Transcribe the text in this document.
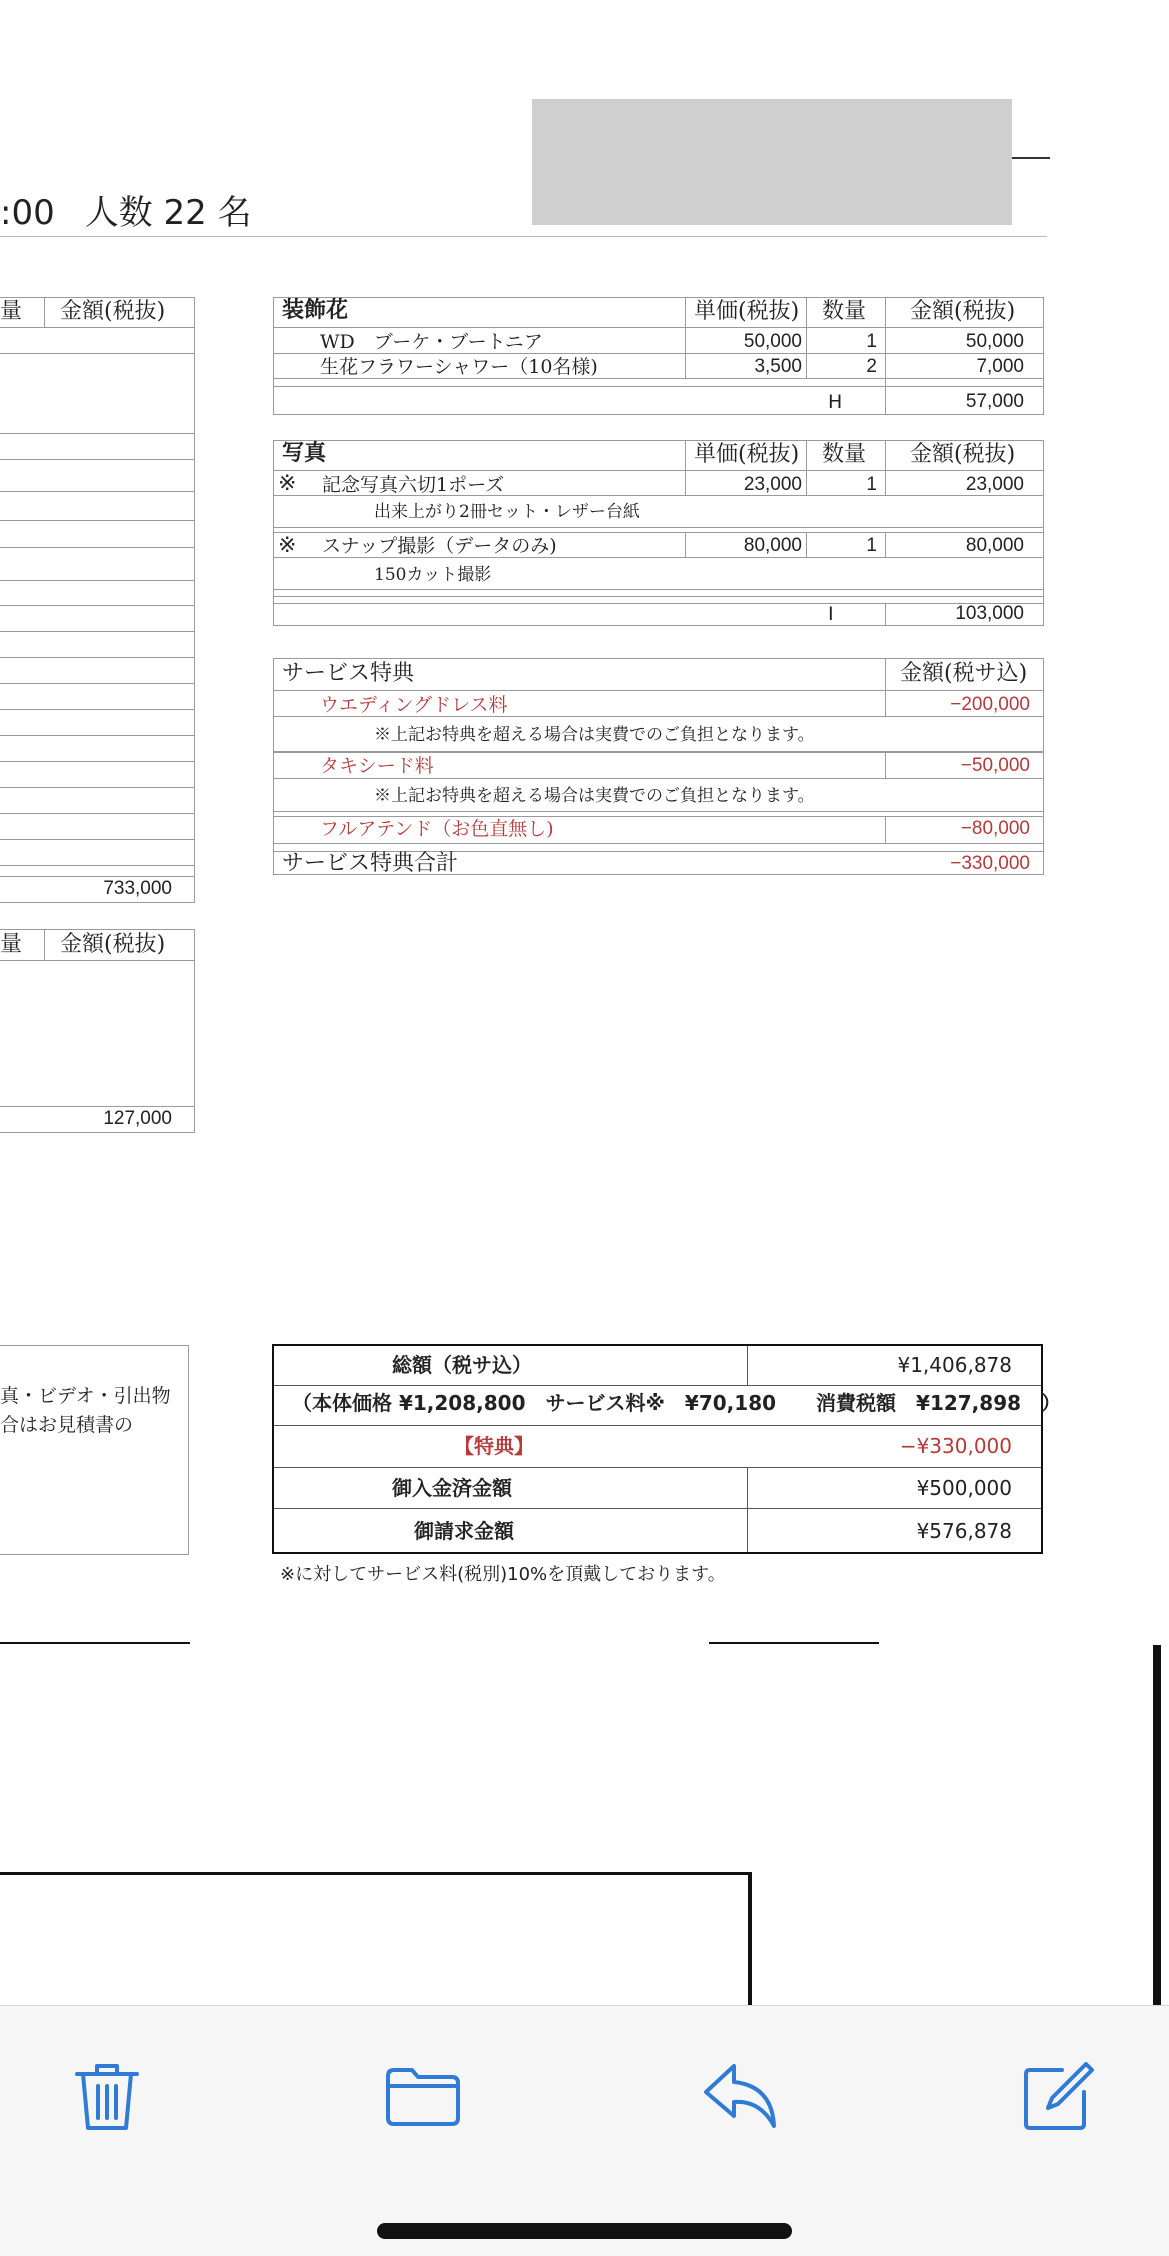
:00 人数 22 名
量 金額(税抜)
733,000
量 金額(税抜)
127,000
装飾花	単価(税抜) 数量 金額(税抜)
WD　ブーケ・ブートニア	50,000	1	50,000
生花フラワーシャワー（10名様)	3,500	2	7,000
H	57,000
写真	単価(税抜) 数量 金額(税抜)
※ 記念写真六切1ポーズ	23,000	1	23,000
出来上がり2冊セット・レザー台紙
※ スナップ撮影（データのみ)	80,000	1	80,000
150カット撮影
I	103,000
サービス特典	金額(税サ込)
ウエディングドレス料	−200,000
※上記お特典を超える場合は実費でのご負担となります。
タキシード料	−50,000
※上記お特典を超える場合は実費でのご負担となります。
フルアテンド（お色直無し)	−80,000
サービス特典合計	−330,000
真・ビデオ・引出物
合はお見積書の
総額（税サ込）	¥1,406,878
（本体価格 ¥1,208,800　サービス料※　¥70,180　　消費税額　¥127,898　）
【特典】	−¥330,000
御入金済金額	¥500,000
御請求金額	¥576,878
※に対してサービス料(税別)10%を頂戴しております。
